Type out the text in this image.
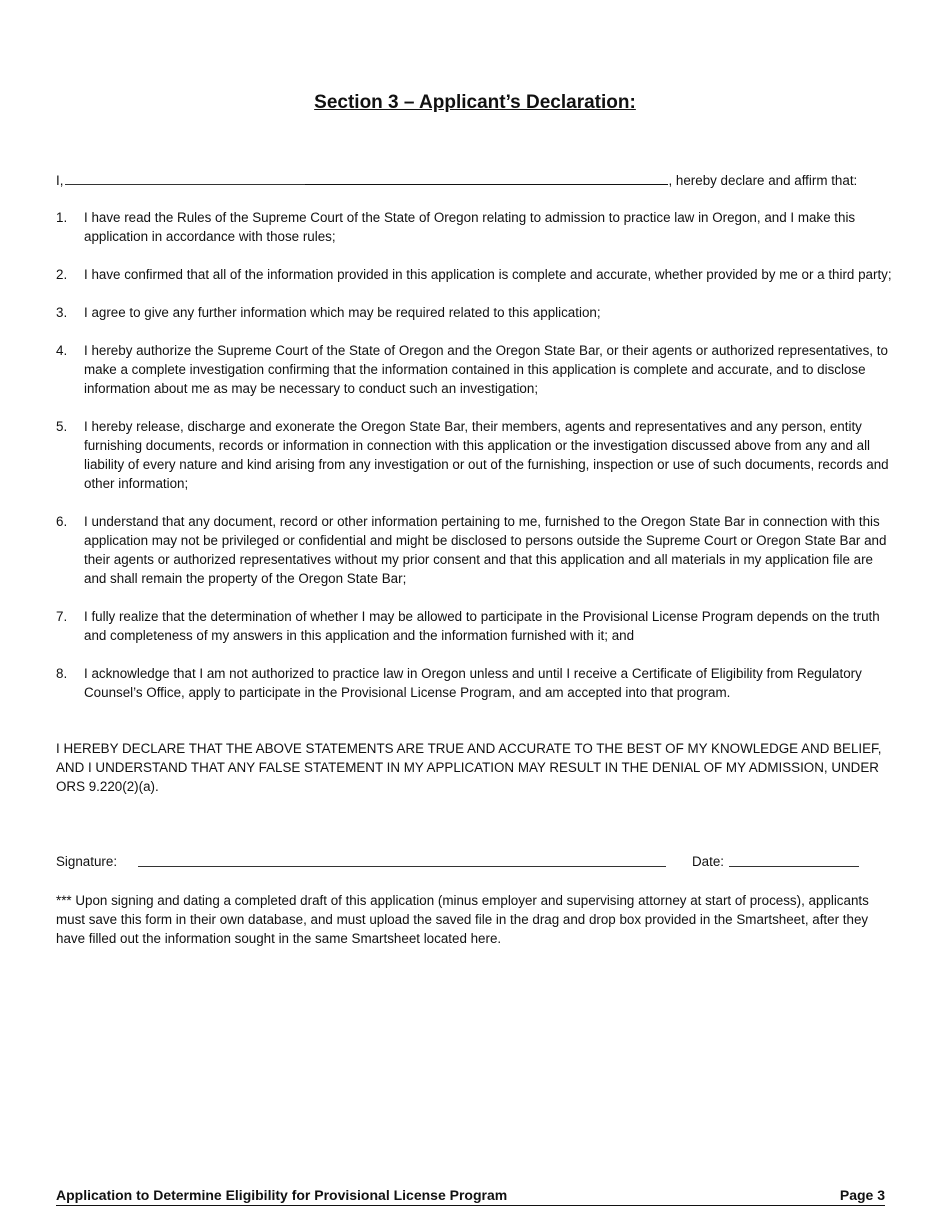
Section 3 – Applicant’s Declaration:
I,	, hereby declare and affirm that:
1. I have read the Rules of the Supreme Court of the State of Oregon relating to admission to practice law in Oregon, and I make this application in accordance with those rules;
2. I have confirmed that all of the information provided in this application is complete and accurate, whether provided by me or a third party;
3. I agree to give any further information which may be required related to this application;
4. I hereby authorize the Supreme Court of the State of Oregon and the Oregon State Bar, or their agents or authorized representatives, to make a complete investigation confirming that the information contained in this application is complete and accurate, and to disclose information about me as may be necessary to conduct such an investigation;
5. I hereby release, discharge and exonerate the Oregon State Bar, their members, agents and representatives and any person, entity furnishing documents, records or information in connection with this application or the investigation discussed above from any and all liability of every nature and kind arising from any investigation or out of the furnishing, inspection or use of such documents, records and other information;
6. I understand that any document, record or other information pertaining to me, furnished to the Oregon State Bar in connection with this application may not be privileged or confidential and might be disclosed to persons outside the Supreme Court or Oregon State Bar and their agents or authorized representatives without my prior consent and that this application and all materials in my application file are and shall remain the property of the Oregon State Bar;
7. I fully realize that the determination of whether I may be allowed to participate in the Provisional License Program depends on the truth and completeness of my answers in this application and the information furnished with it; and
8. I acknowledge that I am not authorized to practice law in Oregon unless and until I receive a Certificate of Eligibility from Regulatory Counsel’s Office, apply to participate in the Provisional License Program, and am accepted into that program.
I HEREBY DECLARE THAT THE ABOVE STATEMENTS ARE TRUE AND ACCURATE TO THE BEST OF MY KNOWLEDGE AND BELIEF, AND I UNDERSTAND THAT ANY FALSE STATEMENT IN MY APPLICATION MAY RESULT IN THE DENIAL OF MY ADMISSION, UNDER ORS 9.220(2)(a).
Signature:	Date:
*** Upon signing and dating a completed draft of this application (minus employer and supervising attorney at start of process), applicants must save this form in their own database, and must upload the saved file in the drag and drop box provided in the Smartsheet, after they have filled out the information sought in the same Smartsheet located here.
Application to Determine Eligibility for Provisional License Program	Page 3
